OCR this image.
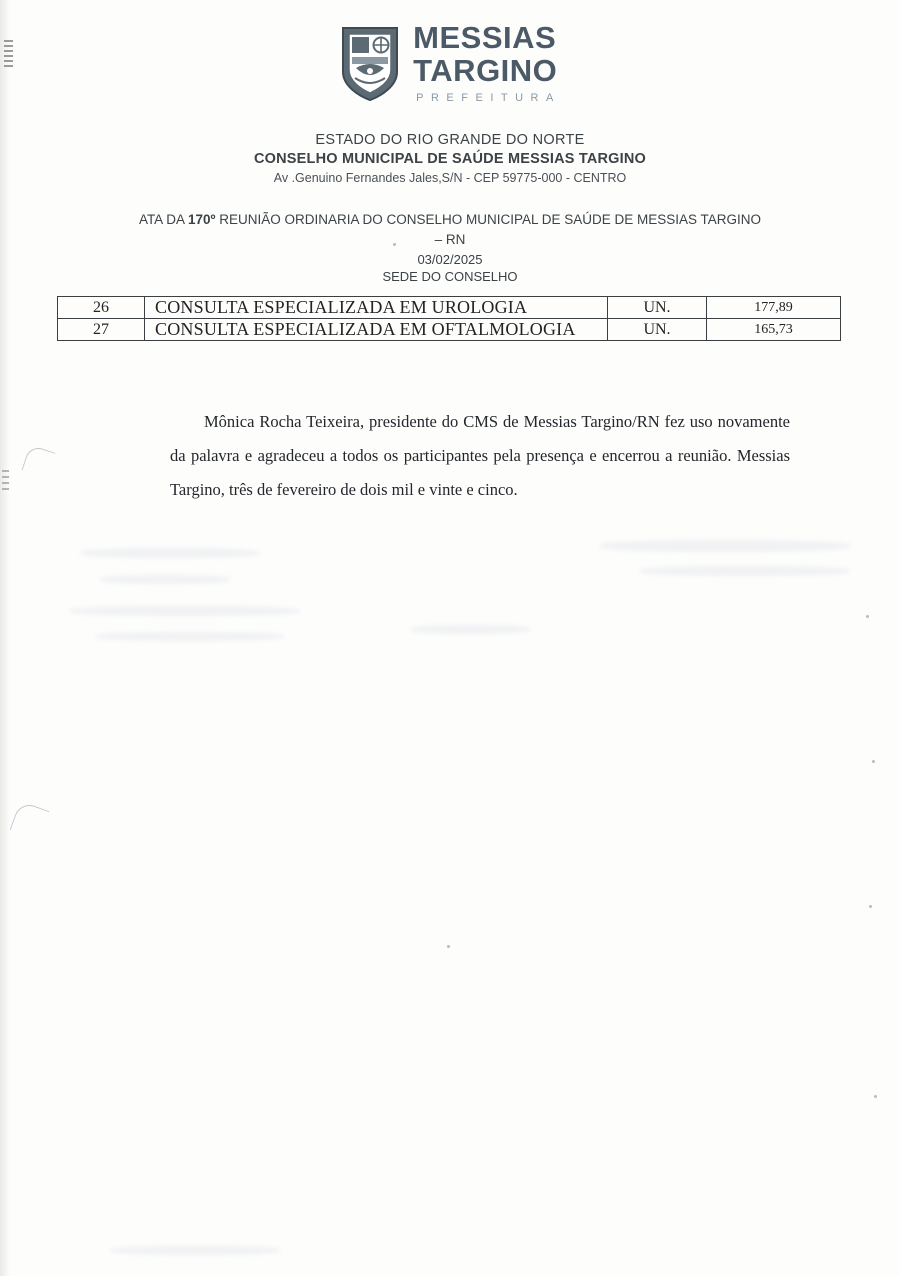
MESSIAS
TARGINO
PREFEITURA
ESTADO DO RIO GRANDE DO NORTE
CONSELHO MUNICIPAL DE SAÚDE MESSIAS TARGINO
Av .Genuino Fernandes Jales,S/N - CEP 59775-000 - CENTRO
ATA DA 170º REUNIÃO ORDINARIA DO CONSELHO MUNICIPAL DE SAÚDE DE MESSIAS TARGINO – RN
03/02/2025
SEDE DO CONSELHO
26	CONSULTA ESPECIALIZADA EM UROLOGIA	UN.	177,89
27	CONSULTA ESPECIALIZADA EM OFTALMOLOGIA	UN.	165,73
Mônica Rocha Teixeira, presidente do CMS de Messias Targino/RN fez uso novamente da palavra e agradeceu a todos os participantes pela presença e encerrou a reunião. Messias Targino, três de fevereiro de dois mil e vinte e cinco.
